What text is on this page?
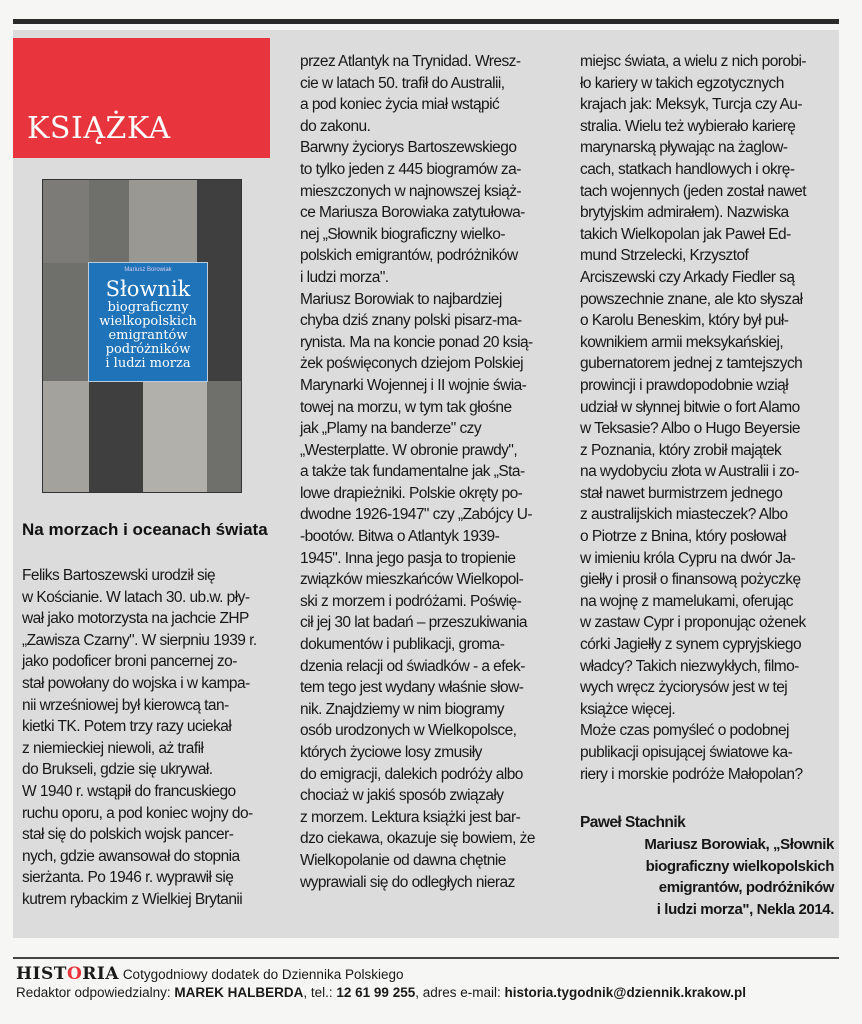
KSIĄŻKA
Mariusz Borowiak
Słownik
biograficzny
wielkopolskich
emigrantów
podróżników
i ludzi morza
Na morzach i oceanach świata
Feliks Bartoszewski urodził się
w Kościanie. W latach 30. ub.w. pły-
wał jako motorzysta na jachcie ZHP
„Zawisza Czarny". W sierpniu 1939 r.
jako podoficer broni pancernej zo-
stał powołany do wojska i w kampa-
nii wrześniowej był kierowcą tan-
kietki TK. Potem trzy razy uciekał
z niemieckiej niewoli, aż trafił
do Brukseli, gdzie się ukrywał.
W 1940 r. wstąpił do francuskiego
ruchu oporu, a pod koniec wojny do-
stał się do polskich wojsk pancer-
nych, gdzie awansował do stopnia
sierżanta. Po 1946 r. wyprawił się
kutrem rybackim z Wielkiej Brytanii
przez Atlantyk na Trynidad. Wresz-
cie w latach 50. trafił do Australii,
a pod koniec życia miał wstąpić
do zakonu.
Barwny życiorys Bartoszewskiego
to tylko jeden z 445 biogramów za-
mieszczonych w najnowszej książ-
ce Mariusza Borowiaka zatytułowa-
nej „Słownik biograficzny wielko-
polskich emigrantów, podróżników
i ludzi morza".
Mariusz Borowiak to najbardziej
chyba dziś znany polski pisarz-ma-
rynista. Ma na koncie ponad 20 ksią-
żek poświęconych dziejom Polskiej
Marynarki Wojennej i II wojnie świa-
towej na morzu, w tym tak głośne
jak „Plamy na banderze" czy
„Westerplatte. W obronie prawdy",
a także tak fundamentalne jak „Sta-
lowe drapieżniki. Polskie okręty po-
dwodne 1926-1947" czy „Zabójcy U-
-bootów. Bitwa o Atlantyk 1939-
1945". Inna jego pasja to tropienie
związków mieszkańców Wielkopol-
ski z morzem i podróżami. Poświę-
cił jej 30 lat badań – przeszukiwania
dokumentów i publikacji, groma-
dzenia relacji od świadków - a efek-
tem tego jest wydany właśnie słow-
nik. Znajdziemy w nim biogramy
osób urodzonych w Wielkopolsce,
których życiowe losy zmusiły
do emigracji, dalekich podróży albo
chociaż w jakiś sposób związały
z morzem. Lektura książki jest bar-
dzo ciekawa, okazuje się bowiem, że
Wielkopolanie od dawna chętnie
wyprawiali się do odległych nieraz
miejsc świata, a wielu z nich porobi-
ło kariery w takich egzotycznych
krajach jak: Meksyk, Turcja czy Au-
stralia. Wielu też wybierało karierę
marynarską pływając na żaglow-
cach, statkach handlowych i okrę-
tach wojennych (jeden został nawet
brytyjskim admirałem). Nazwiska
takich Wielkopolan jak Paweł Ed-
mund Strzelecki, Krzysztof
Arciszewski czy Arkady Fiedler są
powszechnie znane, ale kto słyszał
o Karolu Beneskim, który był puł-
kownikiem armii meksykańskiej,
gubernatorem jednej z tamtejszych
prowincji i prawdopodobnie wziął
udział w słynnej bitwie o fort Alamo
w Teksasie? Albo o Hugo Beyersie
z Poznania, który zrobił majątek
na wydobyciu złota w Australii i zo-
stał nawet burmistrzem jednego
z australijskich miasteczek? Albo
o Piotrze z Bnina, który posłował
w imieniu króla Cypru na dwór Ja-
giełły i prosił o finansową pożyczkę
na wojnę z mamelukami, oferując
w zastaw Cypr i proponując ożenek
córki Jagiełły z synem cypryjskiego
władcy? Takich niezwykłych, filmo-
wych wręcz życiorysów jest w tej
książce więcej.
Może czas pomyśleć o podobnej
publikacji opisującej światowe ka-
riery i morskie podróże Małopolan?
Paweł Stachnik
Mariusz Borowiak, „Słownik
biograficzny wielkopolskich
emigrantów, podróżników
i ludzi morza", Nekla 2014.
HISTORIA Cotygodniowy dodatek do Dziennika Polskiego
Redaktor odpowiedzialny: MAREK HALBERDA, tel.: 12 61 99 255, adres e-mail: historia.tygodnik@dziennik.krakow.pl
